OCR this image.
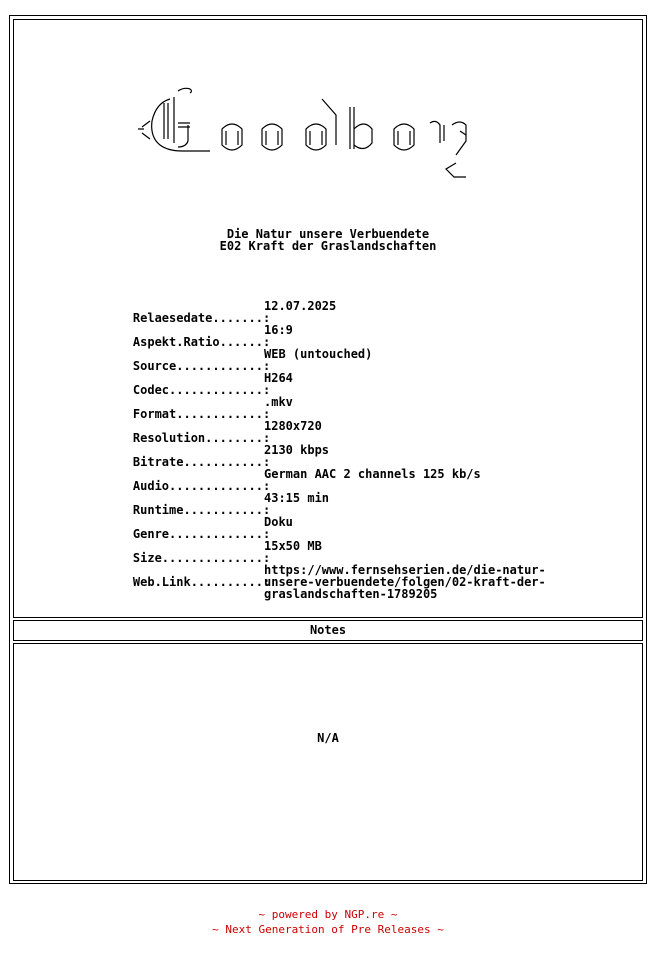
Die Natur unsere Verbuendete
E02 Kraft der Graslandschaften

Relaesedate.......:
12.07.2025

Aspekt.Ratio......:
16:9

Source............:
WEB (untouched)

Codec.............:
H264

Format............:
.mkv

Resolution........:
1280x720

Bitrate...........:
2130 kbps

Audio.............:
German AAC 2 channels 125 kb/s

Runtime...........:
43:15 min

Genre.............:
Doku

Size..............:
15x50 MB

Web.Link..........:
https://www.fernsehserien.de/die-natur-
unsere-verbuendete/folgen/02-kraft-der-
graslandschaften-1789205

Notes
N/A
~ powered by NGP.re ~
~ Next Generation of Pre Releases ~
